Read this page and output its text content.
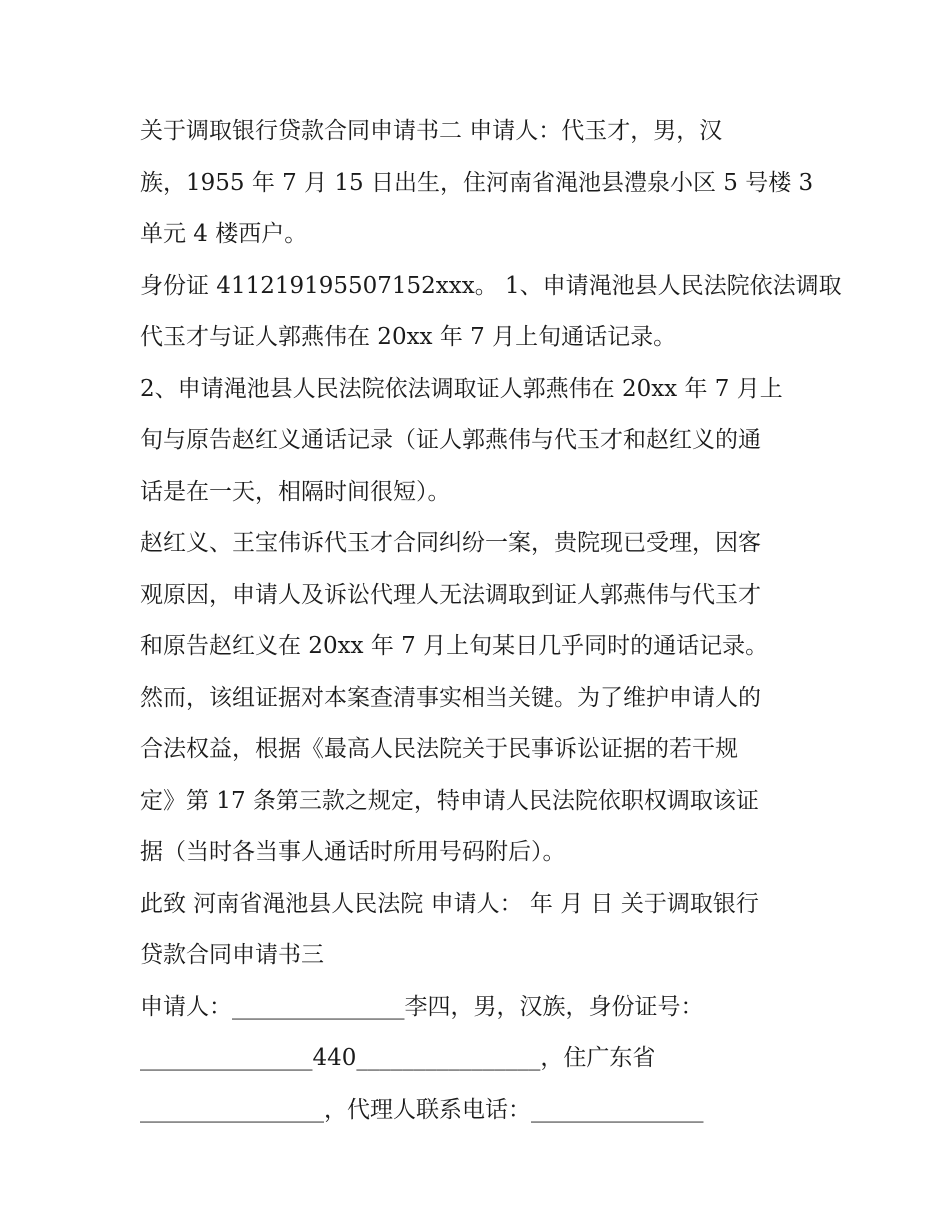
关于调取银行贷款合同申请书二 申请人：代玉才，男，汉
族，1955 年 7 月 15 日出生，住河南省渑池县澧泉小区 5 号楼 3
单元 4 楼西户。
身份证 411219195507152xxx。 1、申请渑池县人民法院依法调取
代玉才与证人郭燕伟在 20xx 年 7 月上旬通话记录。
2、申请渑池县人民法院依法调取证人郭燕伟在 20xx 年 7 月上
旬与原告赵红义通话记录（证人郭燕伟与代玉才和赵红义的通
话是在一天，相隔时间很短）。
赵红义、王宝伟诉代玉才合同纠纷一案，贵院现已受理，因客
观原因，申请人及诉讼代理人无法调取到证人郭燕伟与代玉才
和原告赵红义在 20xx 年 7 月上旬某日几乎同时的通话记录。
然而，该组证据对本案查清事实相当关键。为了维护申请人的
合法权益，根据《最高人民法院关于民事诉讼证据的若干规
定》第 17 条第三款之规定，特申请人民法院依职权调取该证
据（当时各当事人通话时所用号码附后）。
此致 河南省渑池县人民法院 申请人： 年 月 日 关于调取银行
贷款合同申请书三
申请人：_______________李四，男，汉族，身份证号：
_______________440________________，住广东省
________________，代理人联系电话：_______________
